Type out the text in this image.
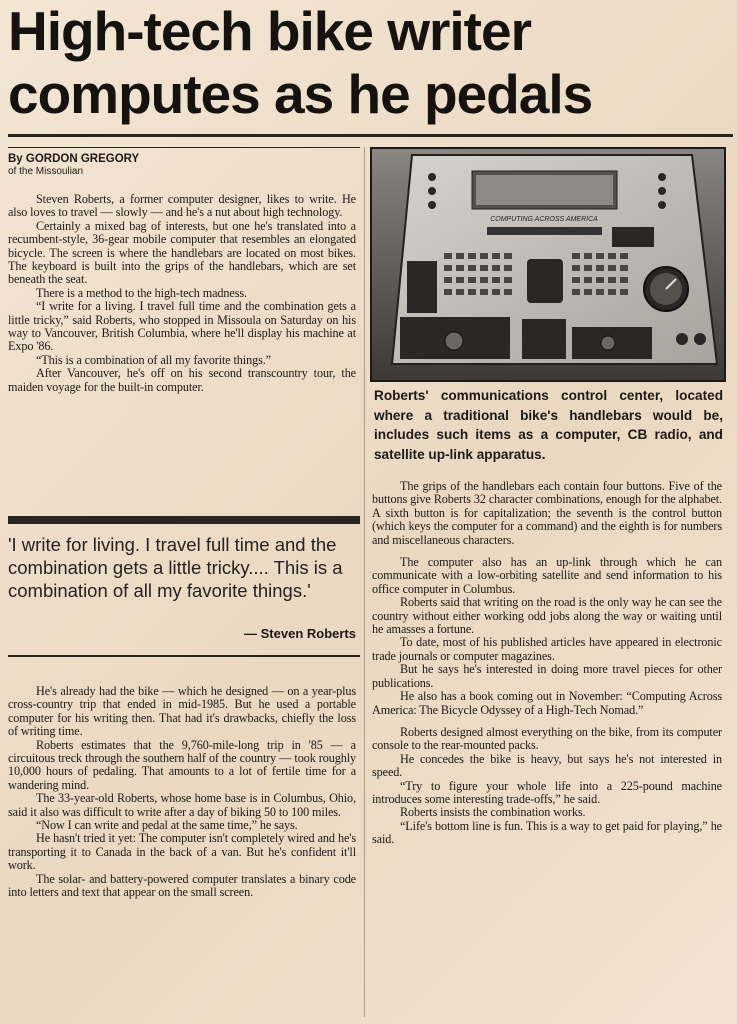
High-tech bike writer computes as he pedals
By GORDON GREGORY
of the Missoulian

Steven Roberts, a former computer designer, likes to write. He also loves to travel — slowly — and he's a nut about high technology.

Certainly a mixed bag of interests, but one he's translated into a recumbent-style, 36-gear mobile computer that resembles an elongated bicycle. The screen is where the handlebars are located on most bikes. The keyboard is built into the grips of the handlebars, which are set beneath the seat.

There is a method to the high-tech madness.

“I write for a living. I travel full time and the combination gets a little tricky,” said Roberts, who stopped in Missoula on Saturday on his way to Vancouver, British Columbia, where he'll display his machine at Expo '86.

“This is a combination of all my favorite things.”

After Vancouver, he's off on his second transcountry tour, the maiden voyage for the built-in computer.

'I write for living. I travel full time and the combination gets a little tricky.... This is a combination of all my favorite things.'
— Steven Roberts

He's already had the bike — which he designed — on a year-plus cross-country trip that ended in mid-1985. But he used a portable computer for his writing then. That had it's drawbacks, chiefly the loss of writing time.

Roberts estimates that the 9,760-mile-long trip in '85 — a circuitous treck through the southern half of the country — took roughly 10,000 hours of pedaling. That amounts to a lot of fertile time for a wandering mind.

The 33-year-old Roberts, whose home base is in Columbus, Ohio, said it also was difficult to write after a day of biking 50 to 100 miles.

“Now I can write and pedal at the same time,” he says.

He hasn't tried it yet: The computer isn't completely wired and he's transporting it to Canada in the back of a van. But he's confident it'll work.

The solar- and battery-powered computer translates a binary code into letters and text that appear on the small screen.

COMPUTING ACROSS AMERICA
Roberts' communications control center, located where a traditional bike's handlebars would be, includes such items as a computer, CB radio, and satellite up-link apparatus.

The grips of the handlebars each contain four buttons. Five of the buttons give Roberts 32 character combinations, enough for the alphabet. A sixth button is for capitalization; the seventh is the control button (which keys the computer for a command) and the eighth is for numbers and miscellaneous characters.

The computer also has an up-link through which he can communicate with a low-orbiting satellite and send information to his office computer in Columbus.

Roberts said that writing on the road is the only way he can see the country without either working odd jobs along the way or waiting until he amasses a fortune.

To date, most of his published articles have appeared in electronic trade journals or computer magazines.

But he says he's interested in doing more travel pieces for other publications.

He also has a book coming out in November: “Computing Across America: The Bicycle Odyssey of a High-Tech Nomad.”

Roberts designed almost everything on the bike, from its computer console to the rear-mounted packs.

He concedes the bike is heavy, but says he's not interested in speed.

“Try to figure your whole life into a 225-pound machine introduces some interesting trade-offs,” he said.

Roberts insists the combination works.

“Life's bottom line is fun. This is a way to get paid for playing,” he said.
